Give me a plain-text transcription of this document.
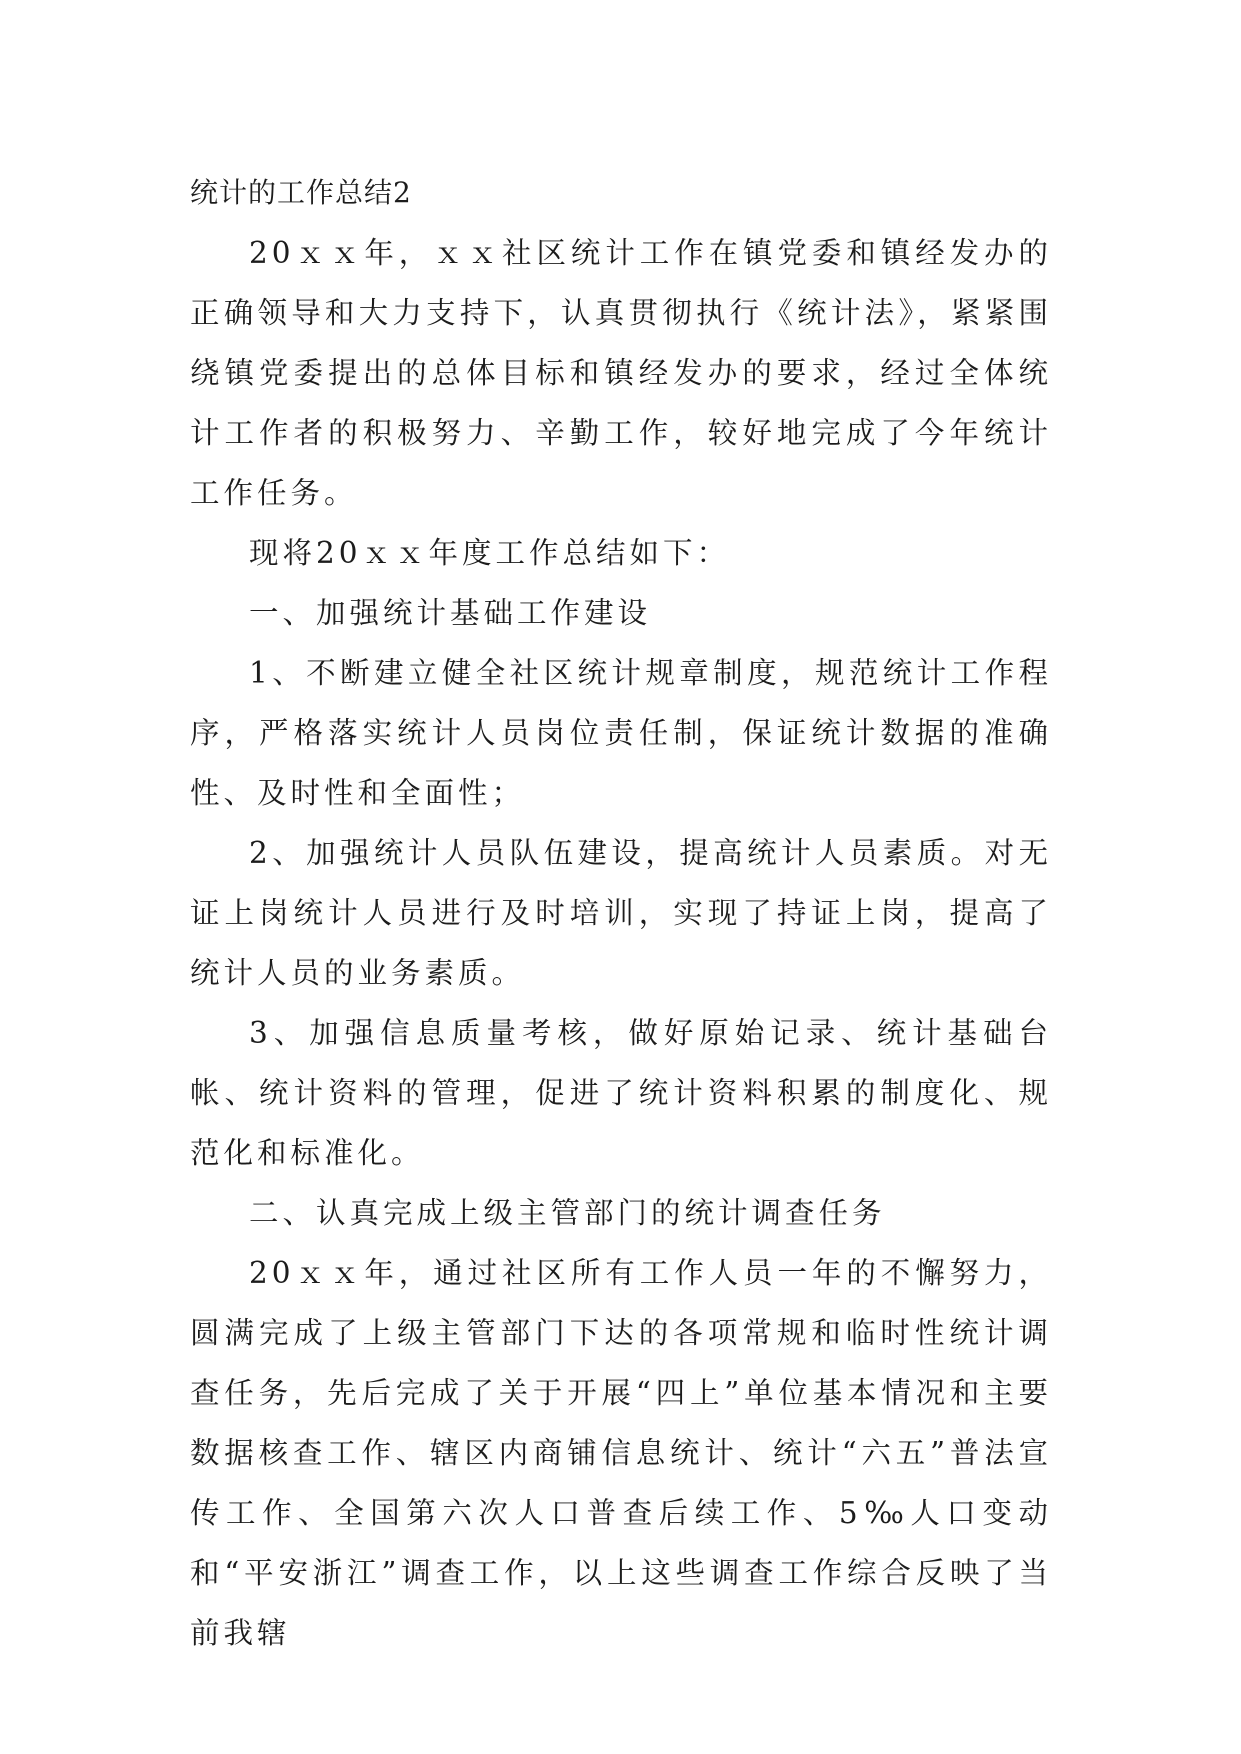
统计的工作总结2

20ｘｘ年，ｘｘ社区统计工作在镇党委和镇经发办的正确领导和大力支持下，认真贯彻执行《统计法》，紧紧围绕镇党委提出的总体目标和镇经发办的要求，经过全体统计工作者的积极努力、辛勤工作，较好地完成了今年统计工作任务。

现将20ｘｘ年度工作总结如下：

一、加强统计基础工作建设

1、不断建立健全社区统计规章制度，规范统计工作程序，严格落实统计人员岗位责任制，保证统计数据的准确性、及时性和全面性；

2、加强统计人员队伍建设，提高统计人员素质。对无证上岗统计人员进行及时培训，实现了持证上岗，提高了统计人员的业务素质。

3、加强信息质量考核，做好原始记录、统计基础台帐、统计资料的管理，促进了统计资料积累的制度化、规范化和标准化。

二、认真完成上级主管部门的统计调查任务

20ｘｘ年，通过社区所有工作人员一年的不懈努力，圆满完成了上级主管部门下达的各项常规和临时性统计调查任务，先后完成了关于开展“四上”单位基本情况和主要数据核查工作、辖区内商铺信息统计、统计“六五”普法宣传工作、全国第六次人口普查后续工作、5‰人口变动和“平安浙江”调查工作，以上这些调查工作综合反映了当前我辖
